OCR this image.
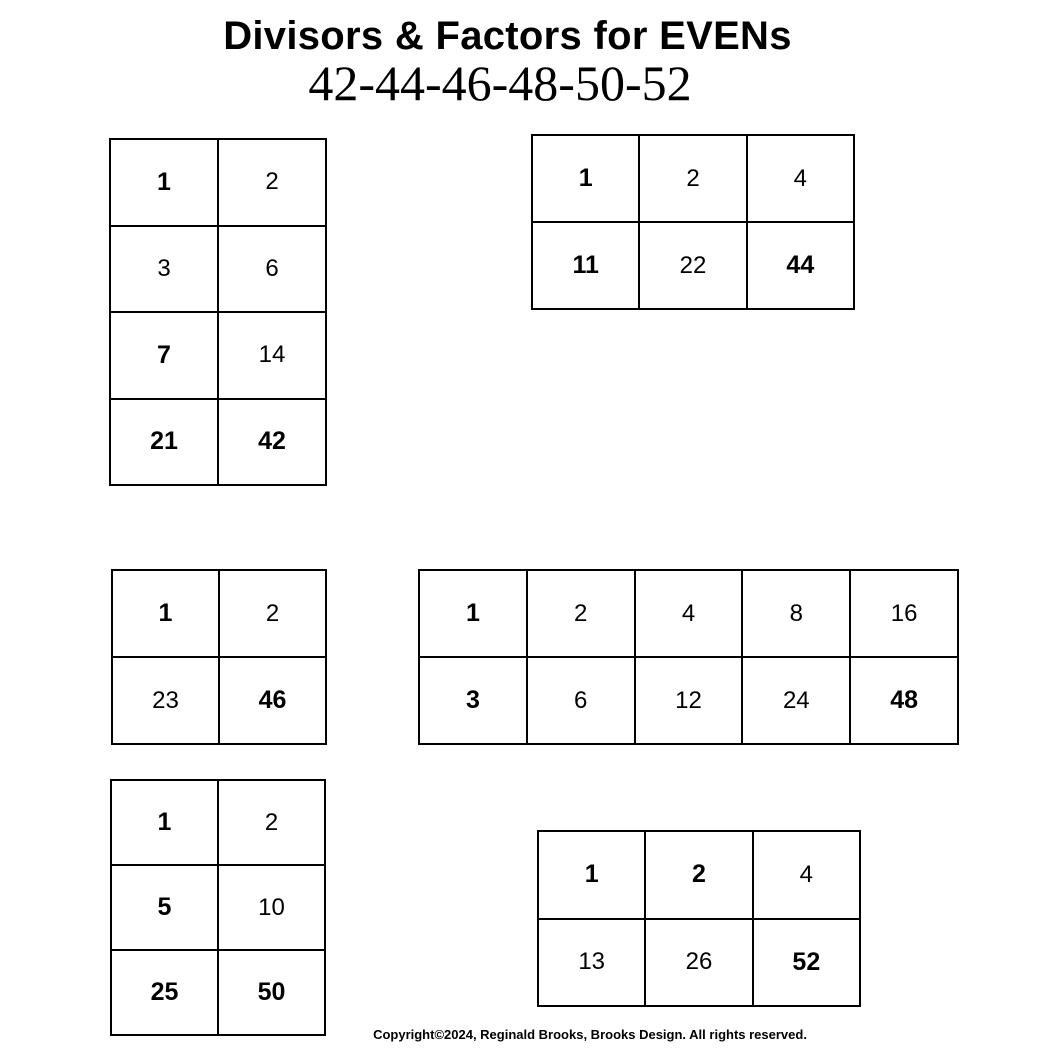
Divisors & Factors for EVENs
42-44-46-48-50-52
1	2
3	6
7	14
21	42
1	2	4
11	22	44
1	2
23	46
1	2	4	8	16
3	6	12	24	48
1	2
5	10
25	50
1	2	4
13	26	52
Copyright©2024, Reginald Brooks, Brooks Design. All rights reserved.
